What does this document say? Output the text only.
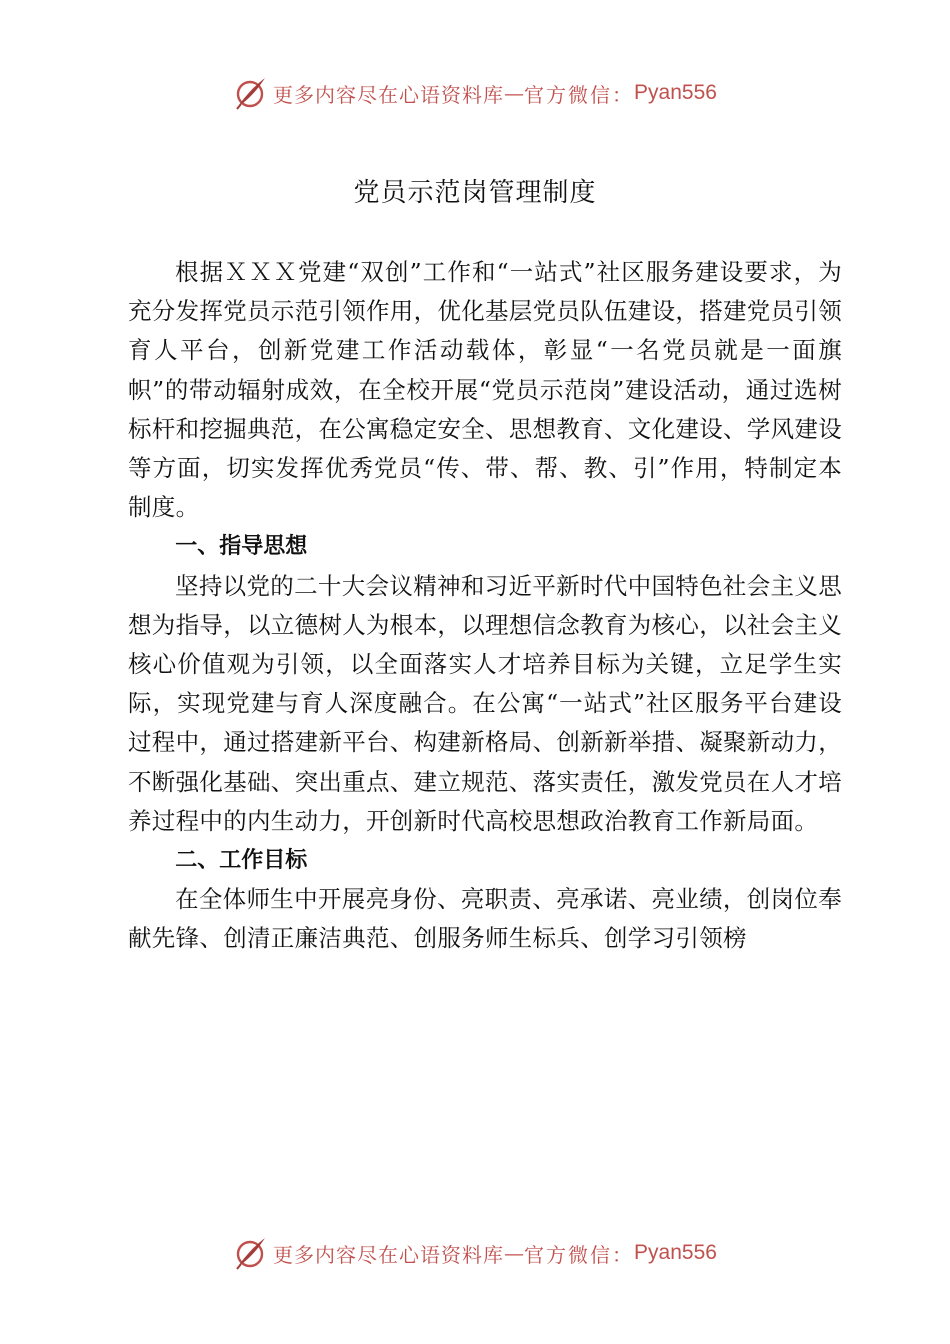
更多内容尽在心语资料库 — 官方微信： Pyan556
党员示范岗管理制度

根据ＸＸＸ党建“双创”工作和“一站式”社区服务建设要求，为充分发挥党员示范引领作用，优化基层党员队伍建设，搭建党员引领育人平台，创新党建工作活动载体，彰显“一名党员就是一面旗帜”的带动辐射成效，在全校开展“党员示范岗”建设活动，通过选树标杆和挖掘典范，在公寓稳定安全、思想教育、文化建设、学风建设等方面，切实发挥优秀党员“传、带、帮、教、引”作用，特制定本制度。

一、指导思想

坚持以党的二十大会议精神和习近平新时代中国特色社会主义思想为指导，以立德树人为根本，以理想信念教育为核心，以社会主义核心价值观为引领，以全面落实人才培养目标为关键，立足学生实际，实现党建与育人深度融合。在公寓“一站式”社区服务平台建设过程中，通过搭建新平台、构建新格局、创新新举措、凝聚新动力，不断强化基础、突出重点、建立规范、落实责任，激发党员在人才培养过程中的内生动力，开创新时代高校思想政治教育工作新局面。

二、工作目标

在全体师生中开展亮身份、亮职责、亮承诺、亮业绩，创岗位奉献先锋、创清正廉洁典范、创服务师生标兵、创学习引领榜

更多内容尽在心语资料库 — 官方微信： Pyan556
